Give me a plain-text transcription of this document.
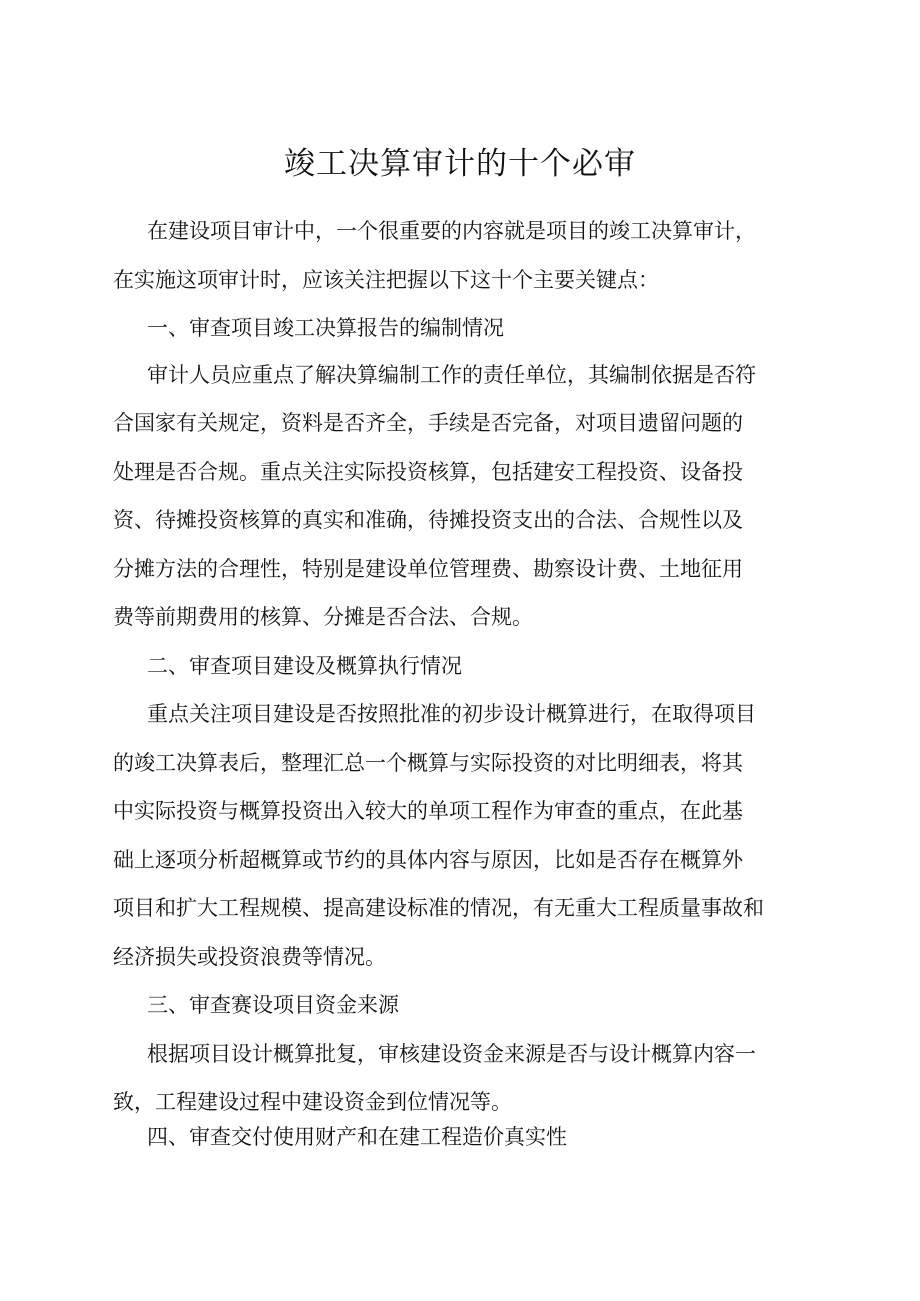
竣工决算审计的十个必审

在建设项目审计中，一个很重要的内容就是项目的竣工决算审计，

在实施这项审计时，应该关注把握以下这十个主要关键点：

一、审查项目竣工决算报告的编制情况

审计人员应重点了解决算编制工作的责任单位，其编制依据是否符

合国家有关规定，资料是否齐全，手续是否完备，对项目遗留问题的

处理是否合规。重点关注实际投资核算，包括建安工程投资、设备投

资、待摊投资核算的真实和准确，待摊投资支出的合法、合规性以及

分摊方法的合理性，特别是建设单位管理费、勘察设计费、土地征用

费等前期费用的核算、分摊是否合法、合规。

二、审查项目建设及概算执行情况

重点关注项目建设是否按照批准的初步设计概算进行，在取得项目

的竣工决算表后，整理汇总一个概算与实际投资的对比明细表，将其

中实际投资与概算投资出入较大的单项工程作为审查的重点，在此基

础上逐项分析超概算或节约的具体内容与原因，比如是否存在概算外

项目和扩大工程规模、提高建设标准的情况，有无重大工程质量事故和

经济损失或投资浪费等情况。

三、审查赛设项目资金来源

根据项目设计概算批复，审核建设资金来源是否与设计概算内容一

致，工程建设过程中建设资金到位情况等。

四、审查交付使用财产和在建工程造价真实性
